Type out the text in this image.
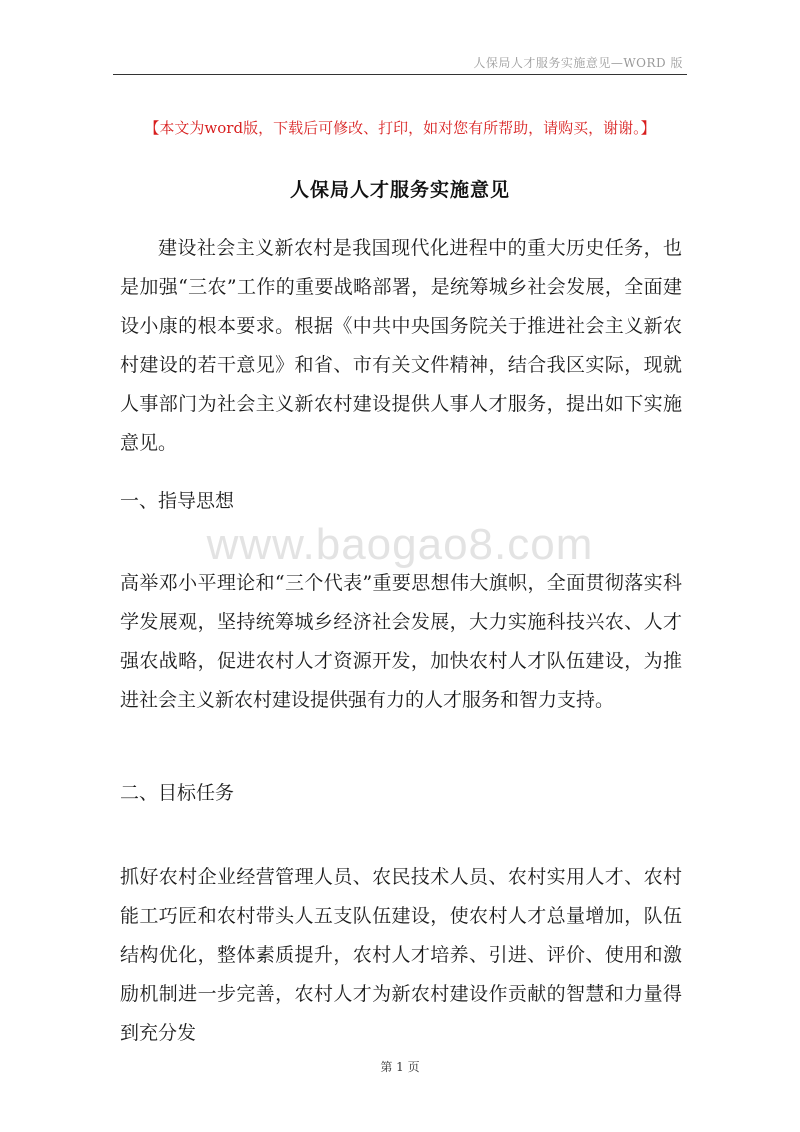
人保局人才服务实施意见—WORD 版
【本文为word版，下载后可修改、打印，如对您有所帮助，请购买，谢谢。】
人保局人才服务实施意见

建设社会主义新农村是我国现代化进程中的重大历史任务，也是加强“三农”工作的重要战略部署，是统筹城乡社会发展，全面建设小康的根本要求。根据《中共中央国务院关于推进社会主义新农村建设的若干意见》和省、市有关文件精神，结合我区实际，现就人事部门为社会主义新农村建设提供人事人才服务，提出如下实施意见。

一、指导思想

www.baogao8.com

高举邓小平理论和“三个代表”重要思想伟大旗帜，全面贯彻落实科学发展观，坚持统筹城乡经济社会发展，大力实施科技兴农、人才强农战略，促进农村人才资源开发，加快农村人才队伍建设，为推进社会主义新农村建设提供强有力的人才服务和智力支持。

二、目标任务

抓好农村企业经营管理人员、农民技术人员、农村实用人才、农村能工巧匠和农村带头人五支队伍建设，使农村人才总量增加，队伍结构优化，整体素质提升，农村人才培养、引进、评价、使用和激励机制进一步完善，农村人才为新农村建设作贡献的智慧和力量得到充分发

第 1 页
